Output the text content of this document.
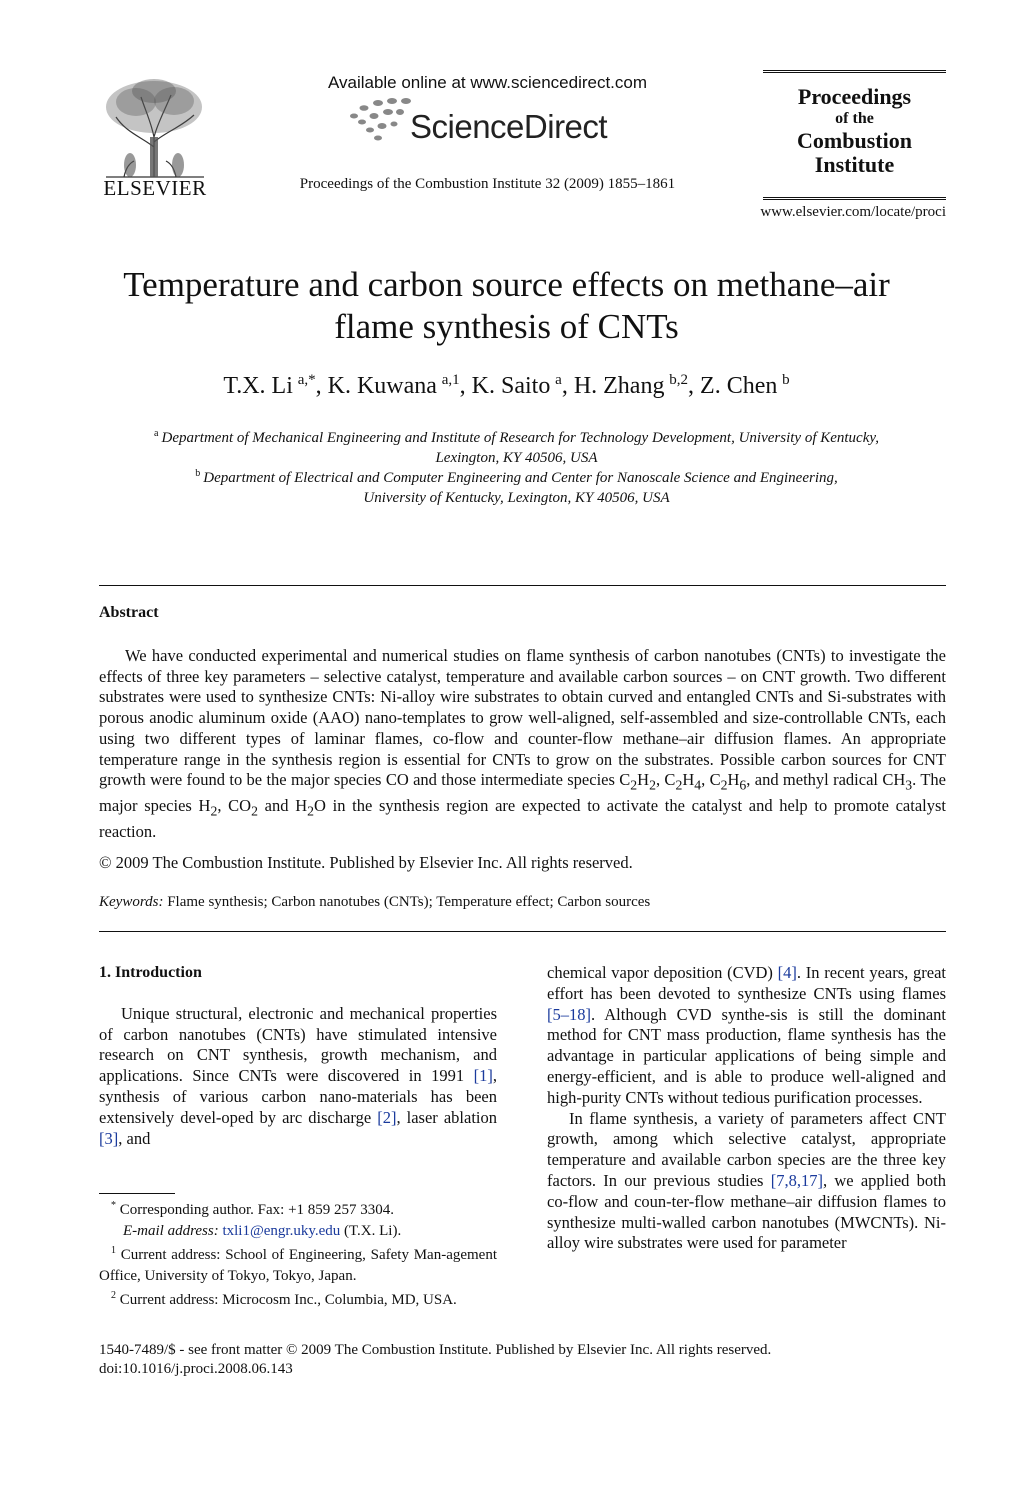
ELSEVIER
Available online at www.sciencedirect.com
ScienceDirect
Proceedings of the Combustion Institute 32 (2009) 1855–1861
Proceedings
of the
Combustion
Institute
www.elsevier.com/locate/proci
Temperature and carbon source effects on methane–air
flame synthesis of CNTs
T.X. Li  $^{a,*}$, K. Kuwana  $^{a,1}$, K. Saito  $^a$, H. Zhang  $^{b,2}$, Z. Chen  $^b$
$^a$  Department of Mechanical Engineering and Institute of Research for Technology Development, University of Kentucky,
Lexington, KY 40506, USA
$^b$  Department of Electrical and Computer Engineering and Center for Nanoscale Science and Engineering,
University of Kentucky, Lexington, KY 40506, USA
Abstract
We have conducted experimental and numerical studies on flame synthesis of carbon nanotubes (CNTs) to investigate the effects of three key parameters – selective catalyst, temperature and available carbon sources – on CNT growth. Two different substrates were used to synthesize CNTs: Ni-alloy wire substrates to obtain curved and entangled CNTs and Si-substrates with porous anodic aluminum oxide (AAO) nano-templates to grow well-aligned, self-assembled and size-controllable CNTs, each using two different types of laminar flames, co-flow and counter-flow methane–air diffusion flames. An appropriate temperature range in the synthesis region is essential for CNTs to grow on the substrates. Possible carbon sources for CNT growth were found to be the major species CO and those intermediate species $C_2H_2$, $C_2H_4$, $C_2H_6$, and methyl radical $CH_3$. The major species $H_2$, $CO_2$ and $H_2O$ in the synthesis region are expected to activate the catalyst and help to promote catalyst reaction.
© 2009 The Combustion Institute. Published by Elsevier Inc. All rights reserved.
Keywords: Flame synthesis; Carbon nanotubes (CNTs); Temperature effect; Carbon sources
1. Introduction
Unique structural, electronic and mechanical properties of carbon nanotubes (CNTs) have stimulated intensive research on CNT synthesis, growth mechanism, and applications. Since CNTs were discovered in 1991 [1], synthesis of various carbon nano-materials has been extensively devel-oped by arc discharge [2], laser ablation [3], and
* Corresponding author. Fax: +1 859 257 3304.
E-mail address: txli1@engr.uky.edu (T.X. Li).
$^1$ Current address: School of Engineering, Safety Man-agement Office, University of Tokyo, Tokyo, Japan.
$^2$ Current address: Microcosm Inc., Columbia, MD, USA.
chemical vapor deposition (CVD) [4]. In recent years, great effort has been devoted to synthesize CNTs using flames [5–18]. Although CVD synthe-sis is still the dominant method for CNT mass production, flame synthesis has the advantage in particular applications of being simple and energy-efficient, and is able to produce well-aligned and high-purity CNTs without tedious purification processes.
In flame synthesis, a variety of parameters affect CNT growth, among which selective catalyst, appropriate temperature and available carbon species are the three key factors. In our previous studies [7,8,17], we applied both co-flow and coun-ter-flow methane–air diffusion flames to synthesize multi-walled carbon nanotubes (MWCNTs). Ni-alloy wire substrates were used for parameter
1540-7489/$ - see front matter © 2009 The Combustion Institute. Published by Elsevier Inc. All rights reserved.
doi:10.1016/j.proci.2008.06.143
